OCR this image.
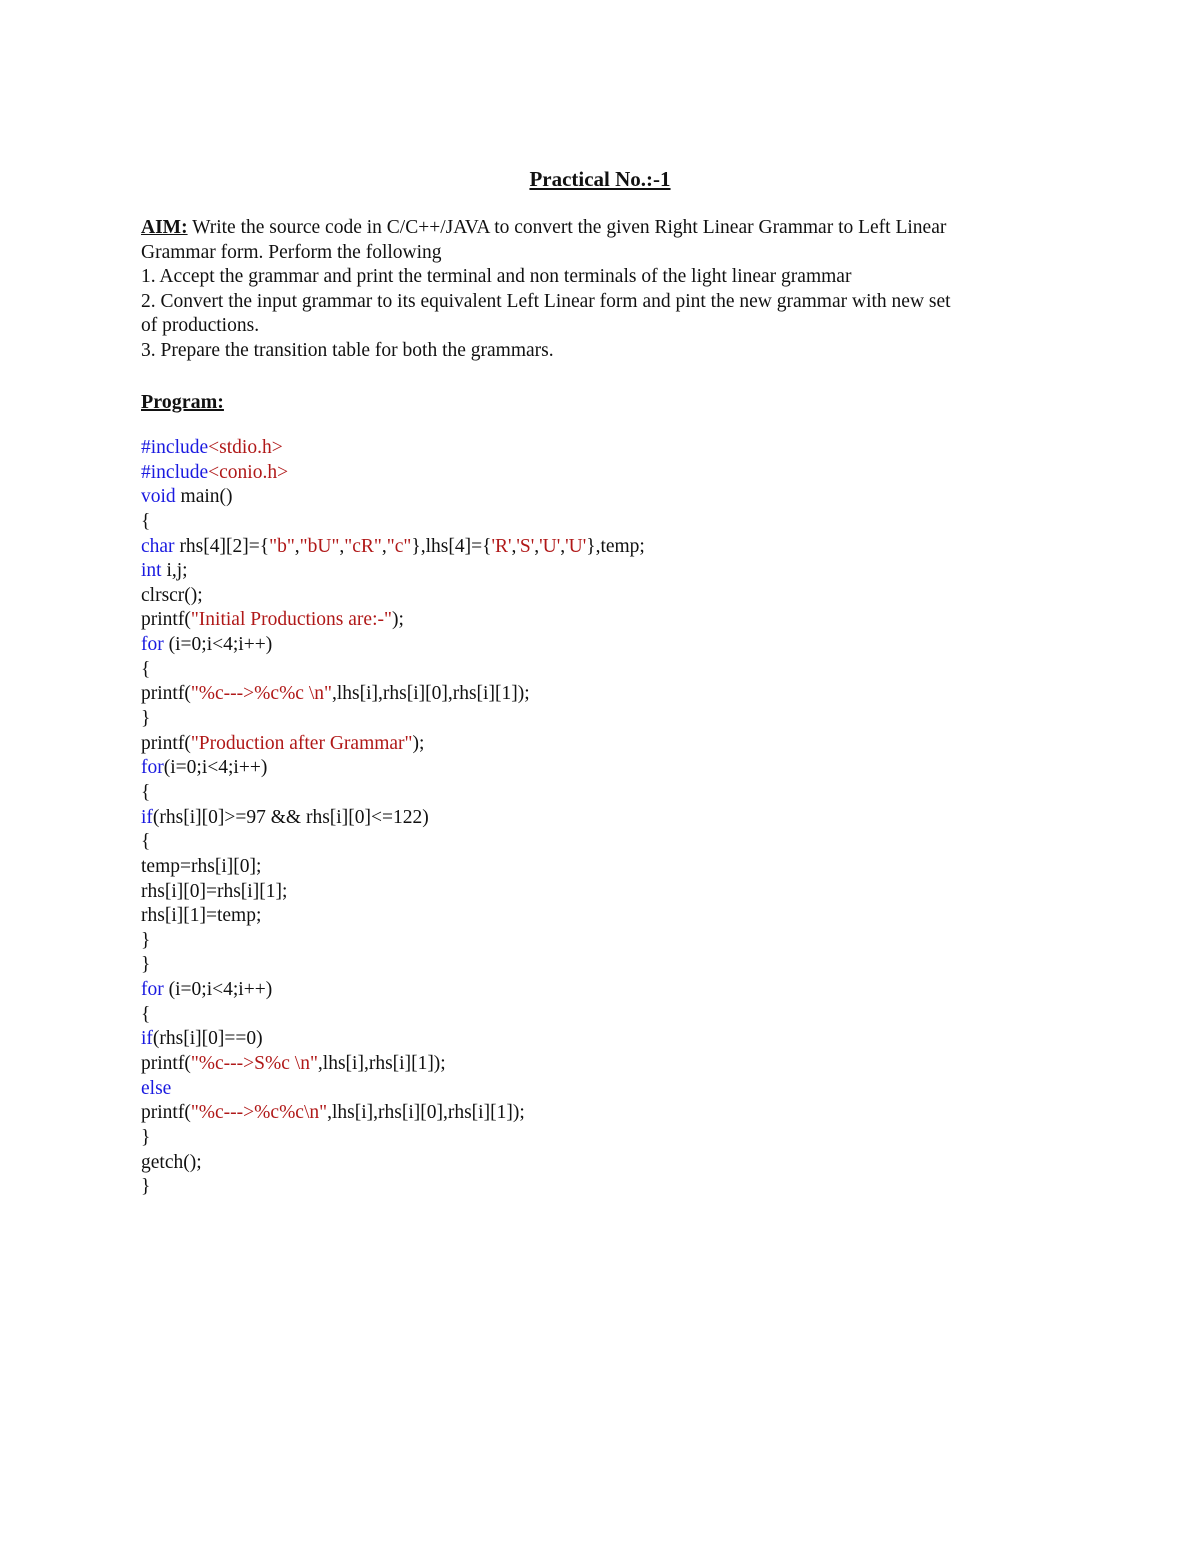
Practical No.:-1
AIM: Write the source code in C/C++/JAVA to convert the given Right Linear Grammar to Left Linear
Grammar form. Perform the following
1. Accept the grammar and print the terminal and non terminals of the light linear grammar
2. Convert the input grammar to its equivalent Left Linear form and pint the new grammar with new set
of productions.
3. Prepare the transition table for both the grammars.
Program:
#include<stdio.h>
#include<conio.h>
void main()
{
char rhs[4][2]={"b","bU","cR","c"},lhs[4]={'R','S','U','U'},temp;
int i,j;
clrscr();
printf("Initial Productions are:-");
for (i=0;i<4;i++)
{
printf("%c--->%c%c \n",lhs[i],rhs[i][0],rhs[i][1]);
}
printf("Production after Grammar");
for(i=0;i<4;i++)
{
if(rhs[i][0]>=97 && rhs[i][0]<=122)
{
temp=rhs[i][0];
rhs[i][0]=rhs[i][1];
rhs[i][1]=temp;
}
}
for (i=0;i<4;i++)
{
if(rhs[i][0]==0)
printf("%c--->S%c \n",lhs[i],rhs[i][1]);
else
printf("%c--->%c%c\n",lhs[i],rhs[i][0],rhs[i][1]);
}
getch();
}
